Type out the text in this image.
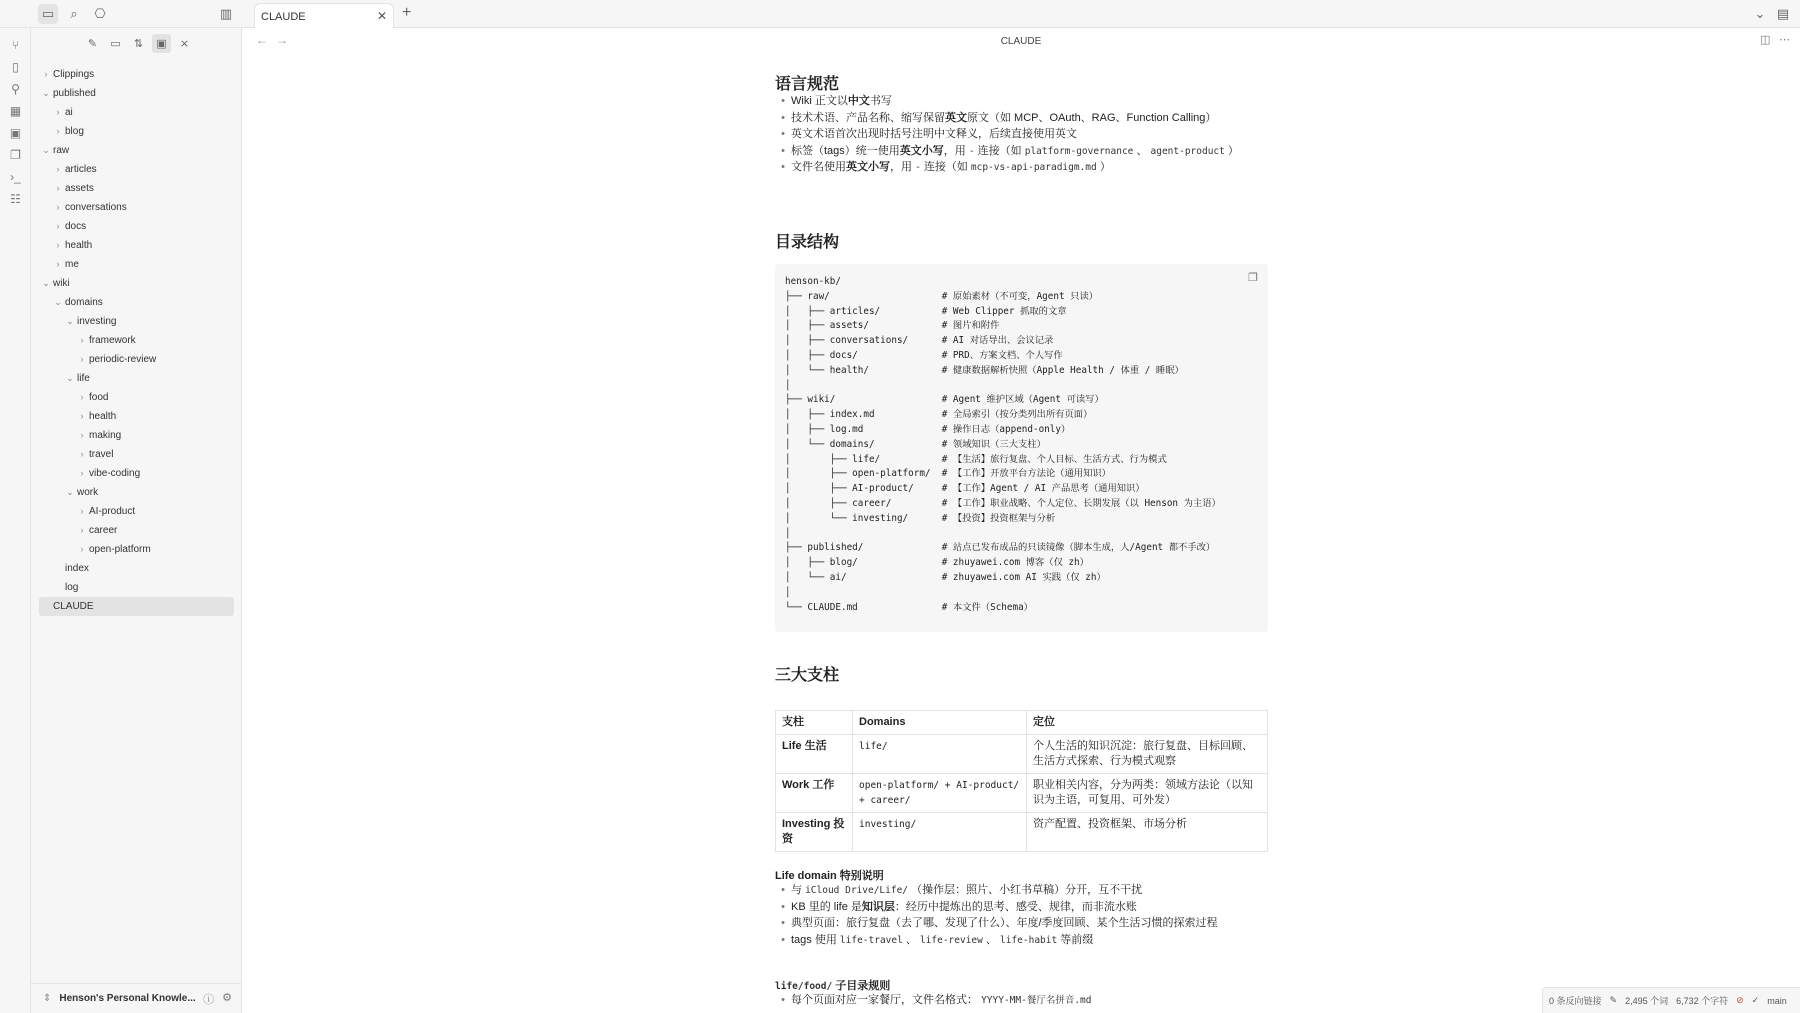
▭	⌕	⎔	▥	CLAUDE	✕ +	⌄ ▤
⑂
▯
⚲
▦
▣
❐
›_
☷
✎	▭	⇅	▣	⨯
› Clippings
⌄ published
› ai
› blog
⌄ raw
› articles
› assets
› conversations
› docs
› health
› me
⌄ wiki
⌄ domains
⌄ investing
› framework
› periodic-review
⌄ life
› food
› health
› making
› travel
› vibe-coding
⌄ work
› AI-product
› career
› open-platform
index
log
CLAUDE
⇕ Henson's Personal Knowle... ⓘ ⚙
← →	CLAUDE	◫ ⋯
语言规范
• Wiki 正文以中文书写
• 技术术语、产品名称、缩写保留英文原文（如 MCP、OAuth、RAG、Function Calling）
• 英文术语首次出现时括号注明中文释义，后续直接使用英文
• 标签（tags）统一使用英文小写，用 - 连接（如 platform-governance 、 agent-product ）
• 文件名使用英文小写，用 - 连接（如 mcp-vs-api-paradigm.md ）
目录结构
❐
henson-kb/
├── raw/                    # 原始素材（不可变，Agent 只读）
│   ├── articles/           # Web Clipper 抓取的文章
│   ├── assets/             # 图片和附件
│   ├── conversations/      # AI 对话导出、会议记录
│   ├── docs/               # PRD、方案文档、个人写作
│   └── health/             # 健康数据解析快照（Apple Health / 体重 / 睡眠）
│
├── wiki/                   # Agent 维护区域（Agent 可读写）
│   ├── index.md            # 全局索引（按分类列出所有页面）
│   ├── log.md              # 操作日志（append-only）
│   └── domains/            # 领域知识（三大支柱）
│       ├── life/           # 【生活】旅行复盘、个人目标、生活方式、行为模式
│       ├── open-platform/  # 【工作】开放平台方法论（通用知识）
│       ├── AI-product/     # 【工作】Agent / AI 产品思考（通用知识）
│       ├── career/         # 【工作】职业战略、个人定位、长期发展（以 Henson 为主语）
│       └── investing/      # 【投资】投资框架与分析
│
├── published/              # 站点已发布成品的只读镜像（脚本生成，人/Agent 都不手改）
│   ├── blog/               # zhuyawei.com 博客（仅 zh）
│   └── ai/                 # zhuyawei.com AI 实践（仅 zh）
│
└── CLAUDE.md               # 本文件（Schema）
三大支柱
支柱	Domains	定位
Life 生活	life/	个人生活的知识沉淀：旅行复盘、目标回顾、生活方式探索、行为模式观察
Work 工作	open-platform/ + AI-product/ + career/	职业相关内容，分为两类：领域方法论（以知识为主语，可复用、可外发）
Investing 投资	investing/	资产配置、投资框架、市场分析
Life domain 特别说明
• 与 iCloud Drive/Life/ （操作层：照片、小红书草稿）分开，互不干扰
• KB 里的 life 是知识层：经历中提炼出的思考、感受、规律，而非流水账
• 典型页面：旅行复盘（去了哪、发现了什么）、年度/季度回顾、某个生活习惯的探索过程
• tags 使用 life-travel 、 life-review 、 life-habit 等前缀
life/food/ 子目录规则
• 每个页面对应一家餐厅，文件名格式： YYYY-MM-餐厅名拼音.md	0 条反向链接 ✎ 2,495 个词 6,732 个字符 ⊘ ✓ main
